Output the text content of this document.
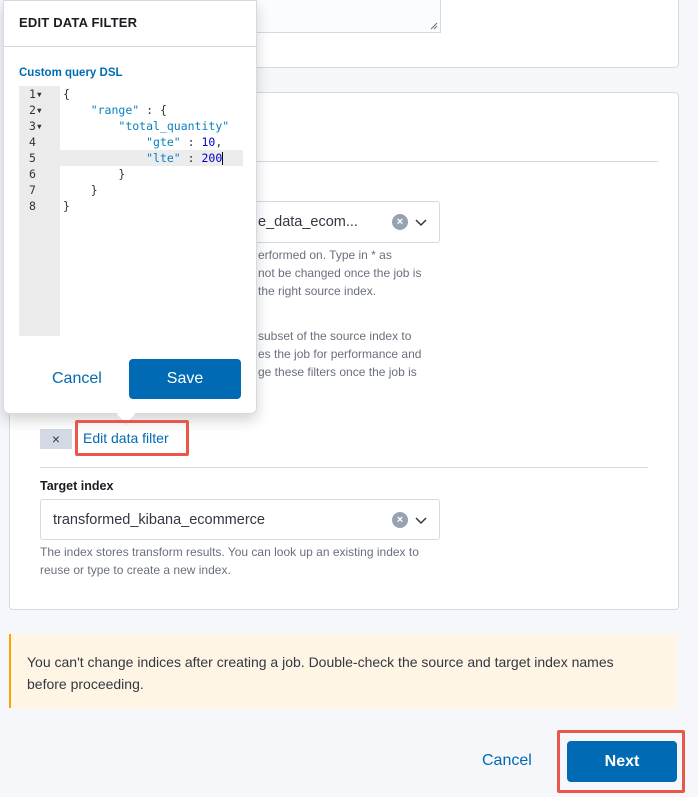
e_data_ecom...	×
erformed on. Type in * as
not be changed once the job is
the right source index.
subset of the source index to
es the job for performance and
ge these filters once the job is
×	Edit data filter
Target index
transformed_kibana_ecommerce	×
The index stores transform results. You can look up an existing index to
reuse or type to create a new index.
You can't change indices after creating a job. Double-check the source and target index names
before proceeding.
Cancel	Next
EDIT DATA FILTER
Custom query DSL
1▾	{
2▾	"range" : {
3▾	"total_quantity"
4	"gte" : 10,
5	"lte" : 200
6	}
7	}
8	}
Cancel	Save
